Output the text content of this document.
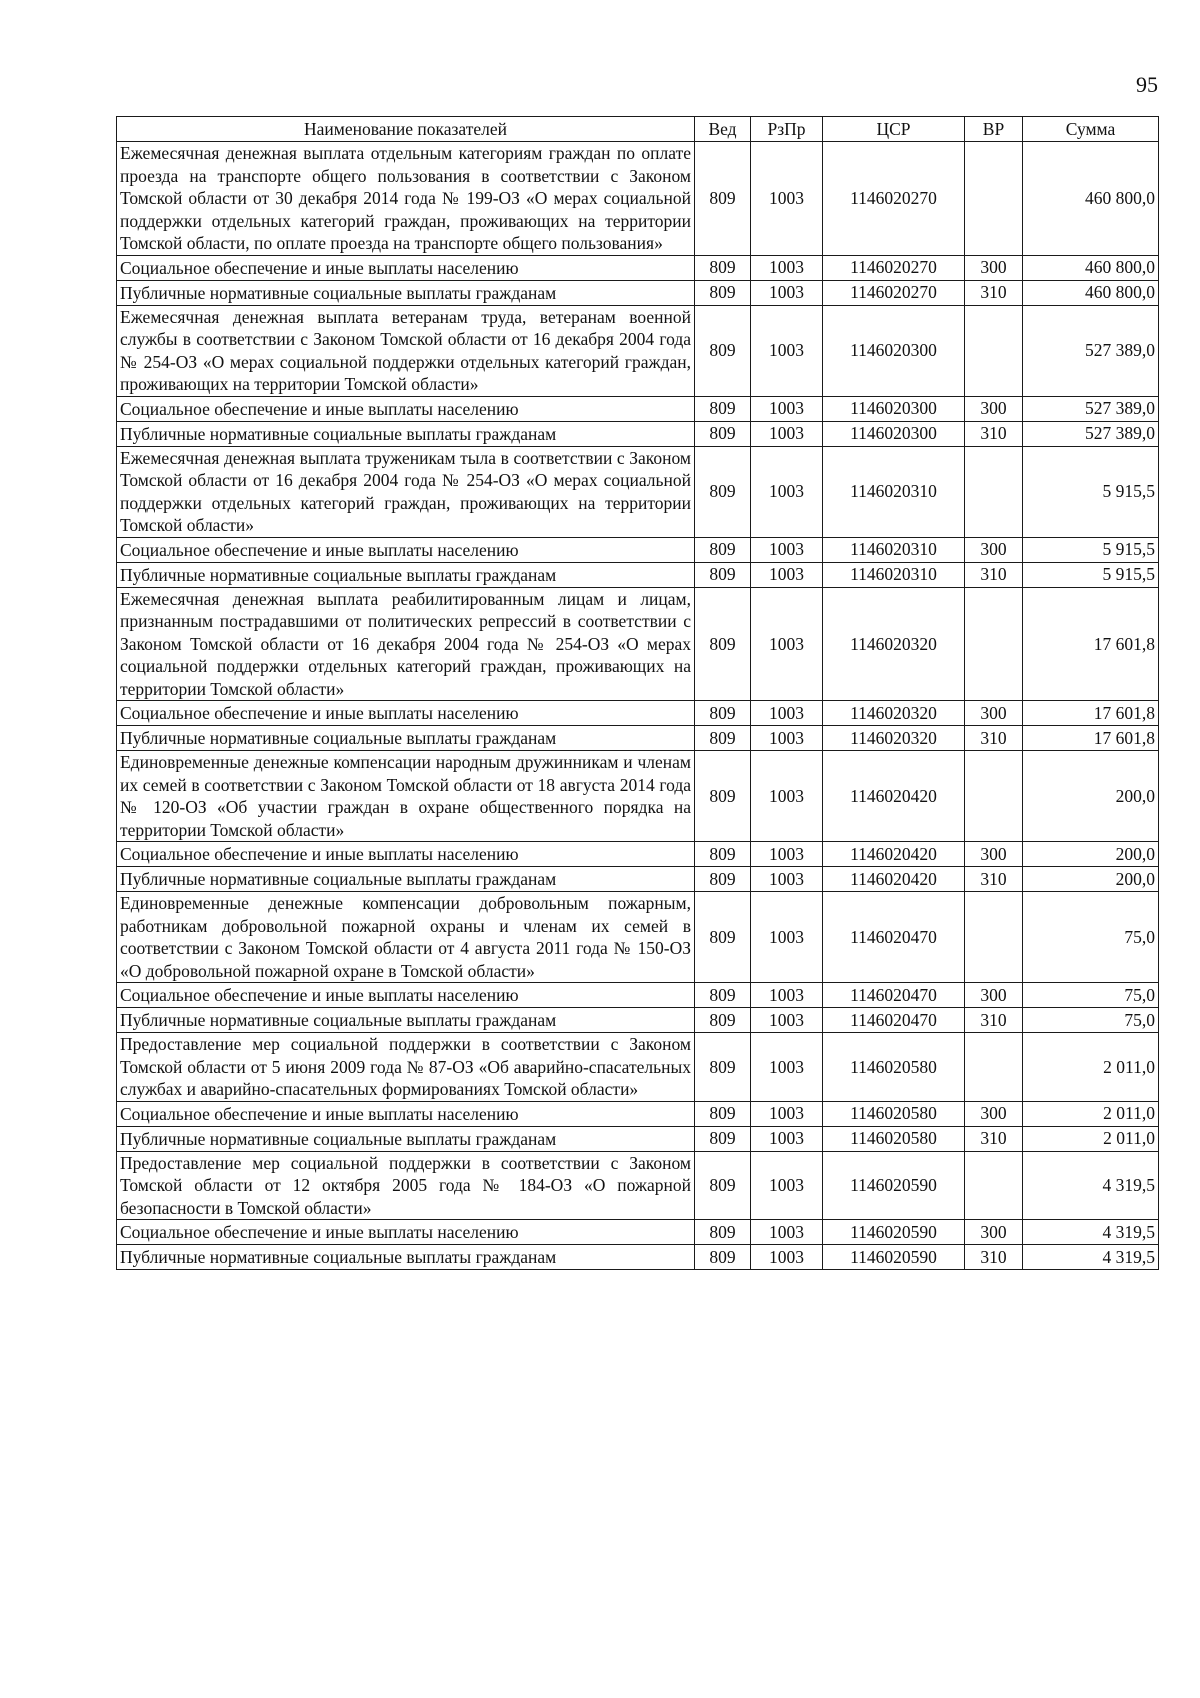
95
Наименование показателей	Вед	РзПр	ЦСР	ВР	Сумма
Ежемесячная денежная выплата отдельным категориям граждан по оплате проезда на транспорте общего пользования в соответствии с Законом Томской области от 30 декабря 2014 года № 199-ОЗ «О мерах социальной поддержки отдельных категорий граждан, проживающих на территории Томской области, по оплате проезда на транспорте общего пользования»	809	1003	1146020270		460 800,0
Социальное обеспечение и иные выплаты населению	809	1003	1146020270	300	460 800,0
Публичные нормативные социальные выплаты гражданам	809	1003	1146020270	310	460 800,0
Ежемесячная денежная выплата ветеранам труда, ветеранам военной службы в соответствии с Законом Томской области от 16 декабря 2004 года № 254-ОЗ «О мерах социальной поддержки отдельных категорий граждан, проживающих на территории Томской области»	809	1003	1146020300		527 389,0
Социальное обеспечение и иные выплаты населению	809	1003	1146020300	300	527 389,0
Публичные нормативные социальные выплаты гражданам	809	1003	1146020300	310	527 389,0
Ежемесячная денежная выплата труженикам тыла в соответствии с Законом Томской области от 16 декабря 2004 года № 254-ОЗ «О мерах социальной поддержки отдельных категорий граждан, проживающих на территории Томской области»	809	1003	1146020310		5 915,5
Социальное обеспечение и иные выплаты населению	809	1003	1146020310	300	5 915,5
Публичные нормативные социальные выплаты гражданам	809	1003	1146020310	310	5 915,5
Ежемесячная денежная выплата реабилитированным лицам и лицам, признанным пострадавшими от политических репрессий в соответствии с Законом Томской области от 16 декабря 2004 года № 254-ОЗ «О мерах социальной поддержки отдельных категорий граждан, проживающих на территории Томской области»	809	1003	1146020320		17 601,8
Социальное обеспечение и иные выплаты населению	809	1003	1146020320	300	17 601,8
Публичные нормативные социальные выплаты гражданам	809	1003	1146020320	310	17 601,8
Единовременные денежные компенсации народным дружинникам и членам их семей в соответствии с Законом Томской области от 18 августа 2014 года № 120-ОЗ «Об участии граждан в охране общественного порядка на территории Томской области»	809	1003	1146020420		200,0
Социальное обеспечение и иные выплаты населению	809	1003	1146020420	300	200,0
Публичные нормативные социальные выплаты гражданам	809	1003	1146020420	310	200,0
Единовременные денежные компенсации добровольным пожарным, работникам добровольной пожарной охраны и членам их семей в соответствии с Законом Томской области от 4 августа 2011 года № 150-ОЗ «О добровольной пожарной охране в Томской области»	809	1003	1146020470		75,0
Социальное обеспечение и иные выплаты населению	809	1003	1146020470	300	75,0
Публичные нормативные социальные выплаты гражданам	809	1003	1146020470	310	75,0
Предоставление мер социальной поддержки в соответствии с Законом Томской области от 5 июня 2009 года № 87-ОЗ «Об аварийно-спасательных службах и аварийно-спасательных формированиях Томской области»	809	1003	1146020580		2 011,0
Социальное обеспечение и иные выплаты населению	809	1003	1146020580	300	2 011,0
Публичные нормативные социальные выплаты гражданам	809	1003	1146020580	310	2 011,0
Предоставление мер социальной поддержки в соответствии с Законом Томской области от 12 октября 2005 года № 184-ОЗ «О пожарной безопасности в Томской области»	809	1003	1146020590		4 319,5
Социальное обеспечение и иные выплаты населению	809	1003	1146020590	300	4 319,5
Публичные нормативные социальные выплаты гражданам	809	1003	1146020590	310	4 319,5
